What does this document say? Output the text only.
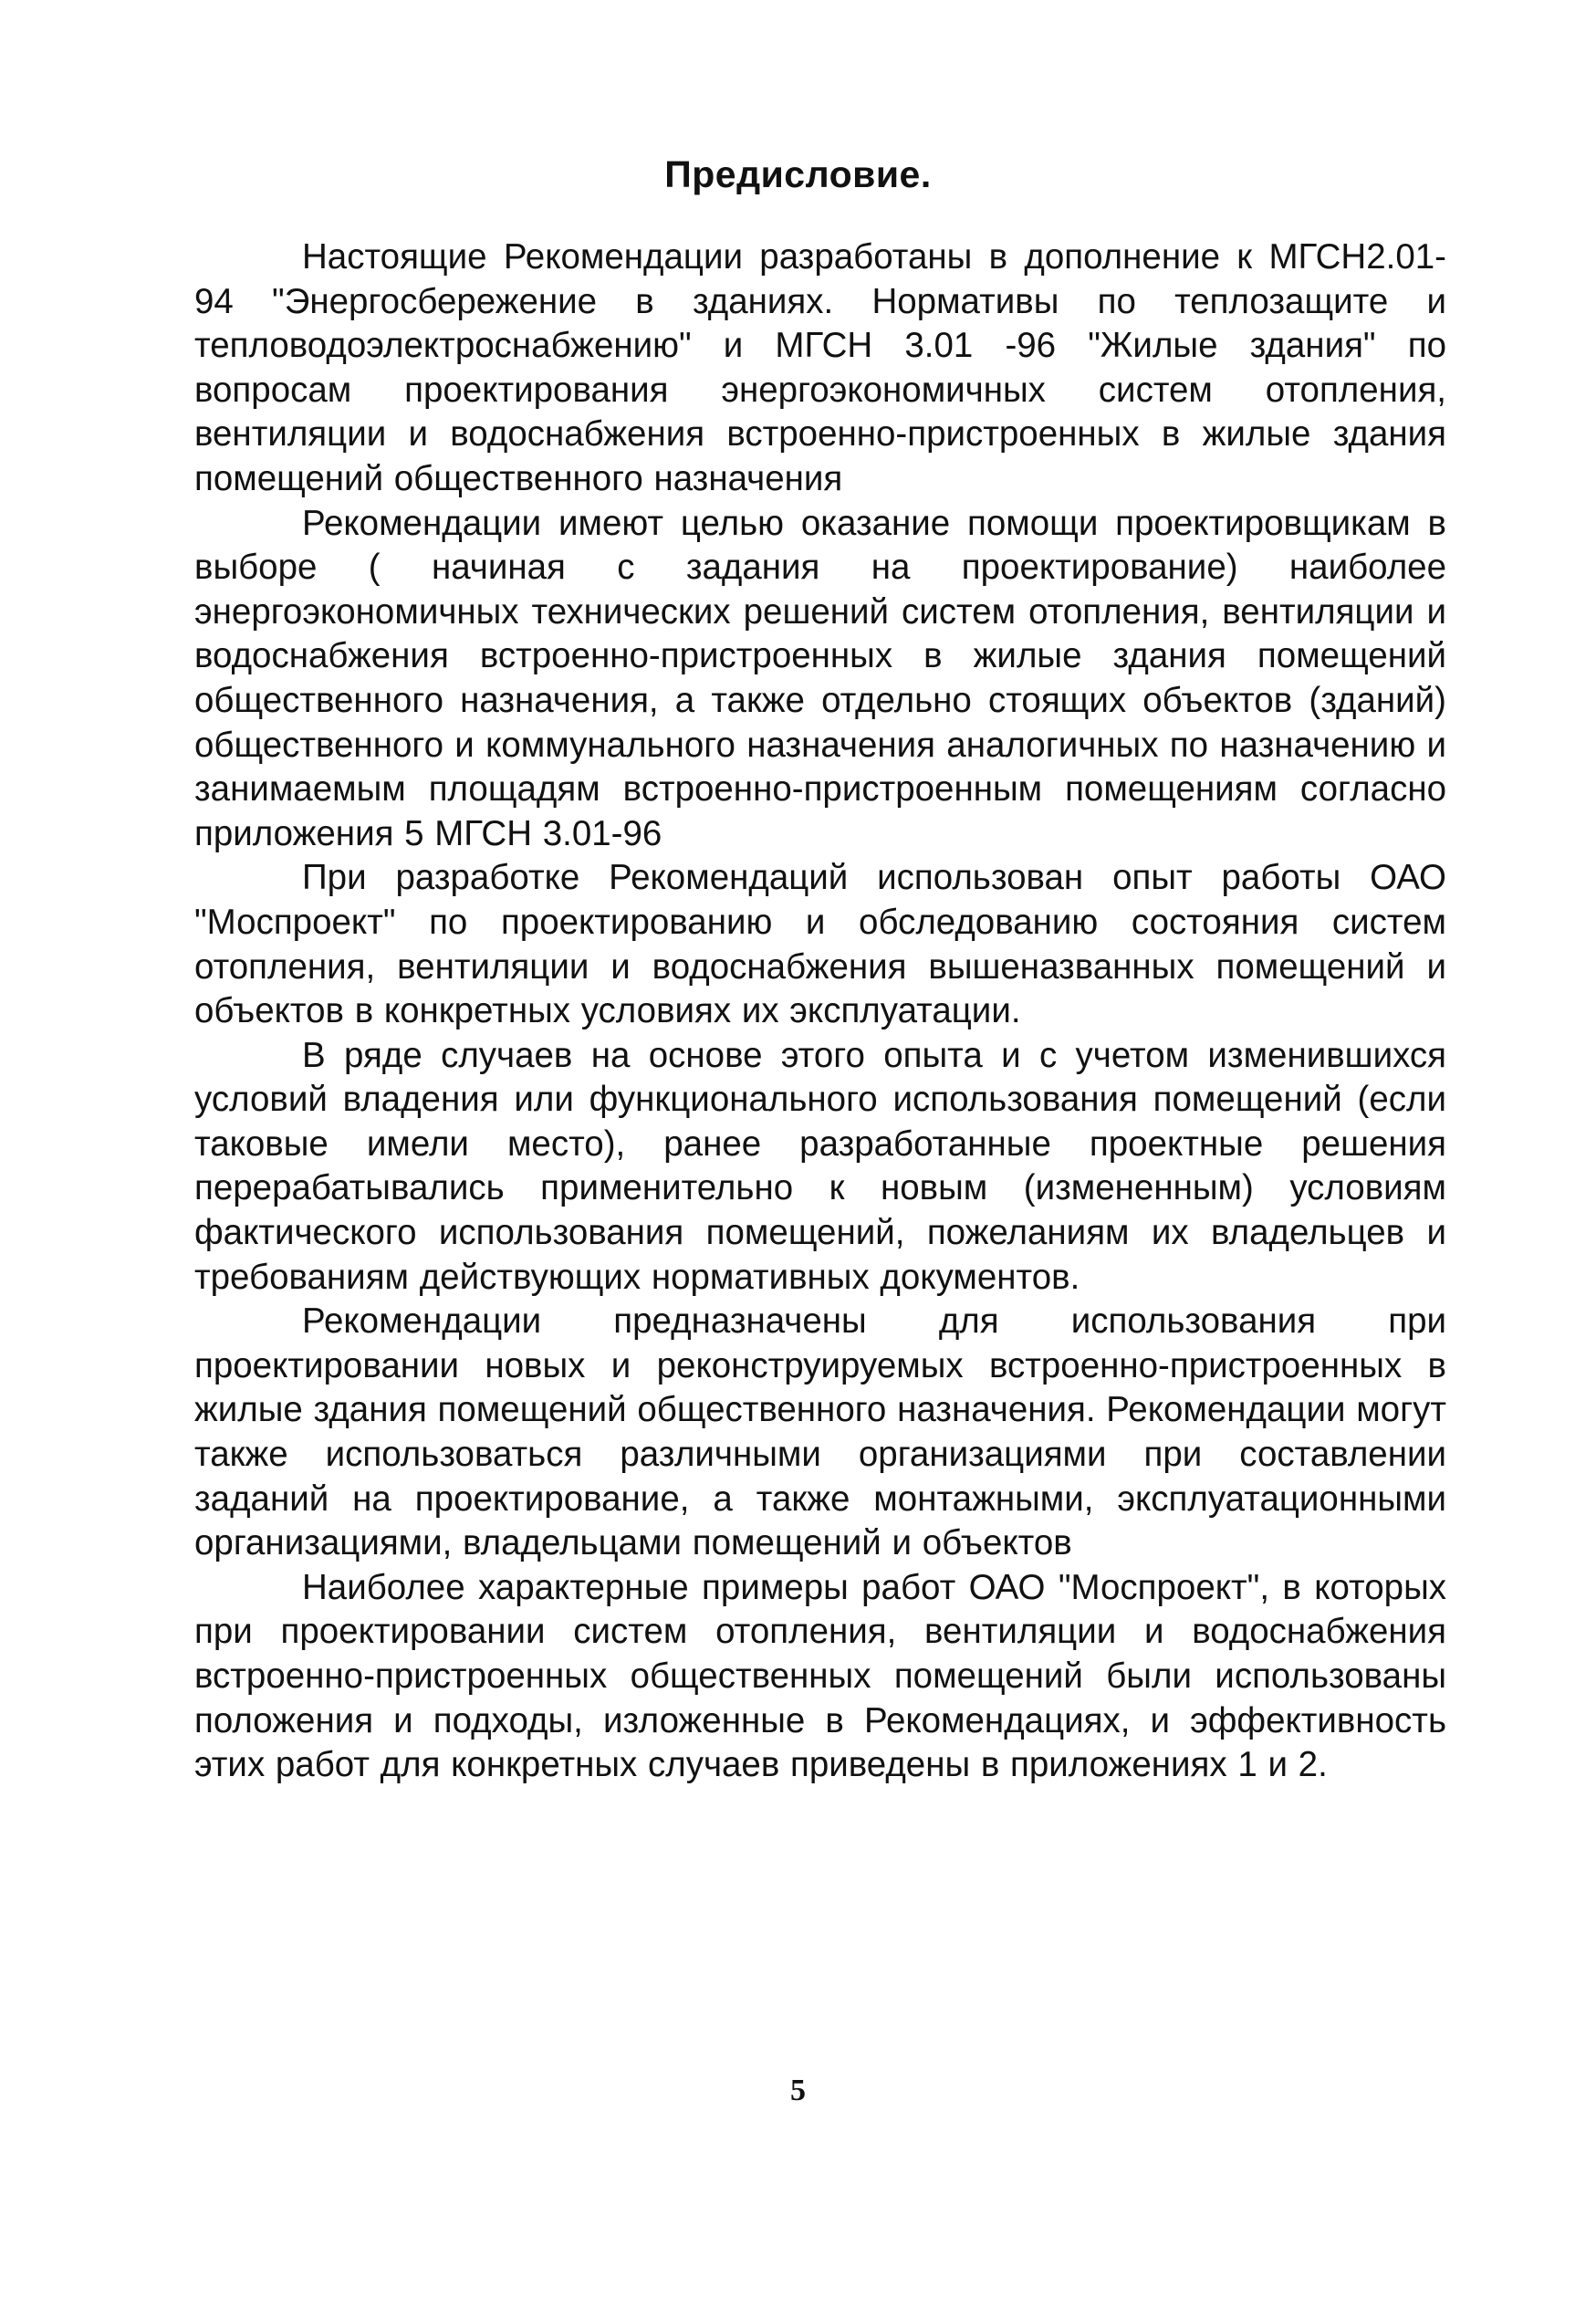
Предисловие.

Настоящие Рекомендации разработаны в дополнение к МГСН2.01-94 "Энергосбережение в зданиях. Нормативы по теплозащите и тепловодоэлектроснабжению" и МГСН 3.01 -96 "Жилые здания" по вопросам проектирования энергоэкономичных систем отопления, вентиляции и водоснабжения встроенно-пристроенных в жилые здания помещений общественного назначения

Рекомендации имеют целью оказание помощи проектировщикам в выборе ( начиная с задания на проектирование) наиболее энергоэкономичных технических решений систем отопления, вентиляции и водоснабжения встроенно-пристроенных в жилые здания помещений общественного назначения, а также отдельно стоящих объектов (зданий) общественного и коммунального назначения аналогичных по назначению и занимаемым площадям встроенно-пристроенным помещениям согласно приложения 5 МГСН 3.01-96

При разработке Рекомендаций использован опыт работы ОАО "Моспроект" по проектированию и обследованию состояния систем отопления, вентиляции и водоснабжения вышеназванных помещений и объектов в конкретных условиях их эксплуатации.

В ряде случаев на основе этого опыта и с учетом изменившихся условий владения или функционального использования помещений (если таковые имели место), ранее разработанные проектные решения перерабатывались применительно к новым (измененным) условиям фактического использования помещений, пожеланиям их владельцев и требованиям действующих нормативных документов.

Рекомендации предназначены для использования при проектировании новых и реконструируемых встроенно-пристроенных в жилые здания помещений общественного назначения. Рекомендации могут также использоваться различными организациями при составлении заданий на проектирование, а также монтажными, эксплуатационными организациями, владельцами помещений и объектов

Наиболее характерные примеры работ ОАО "Моспроект", в которых при проектировании систем отопления, вентиляции и водоснабжения встроенно-пристроенных общественных помещений были использованы положения и подходы, изложенные в Рекомендациях, и эффективность этих работ для конкретных случаев приведены в приложениях 1 и 2.

5
